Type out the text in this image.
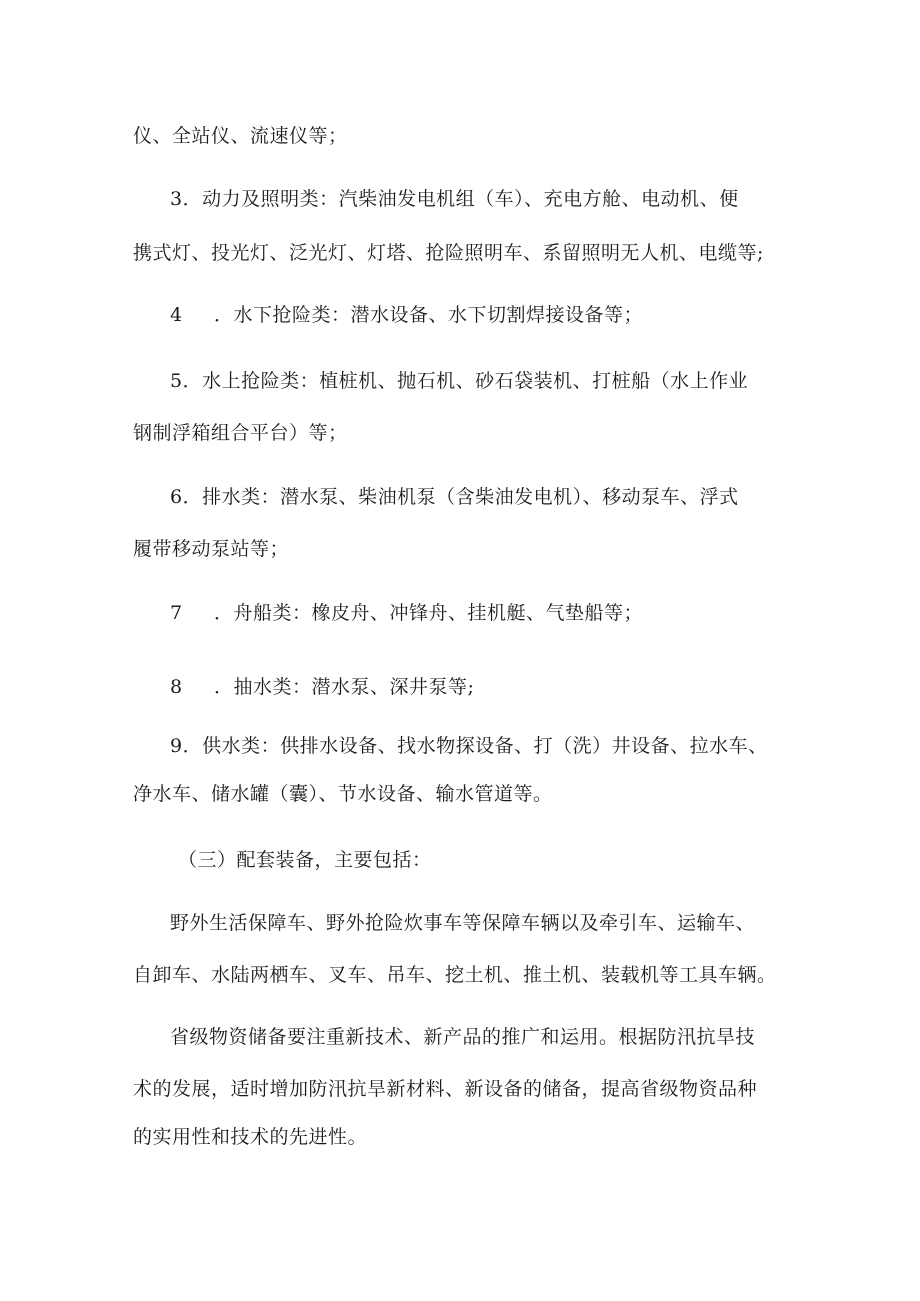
仪、全站仪、流速仪等；
3．动力及照明类：汽柴油发电机组（车）、充电方舱、电动机、便
携式灯、投光灯、泛光灯、灯塔、抢险照明车、系留照明无人机、电缆等;
4 ．水下抢险类：潜水设备、水下切割焊接设备等；
5．水上抢险类：植桩机、抛石机、砂石袋装机、打桩船（水上作业
钢制浮箱组合平台）等；
6．排水类：潜水泵、柴油机泵（含柴油发电机）、移动泵车、浮式
履带移动泵站等；
7 ．舟船类：橡皮舟、冲锋舟、挂机艇、气垫船等；
8 ．抽水类：潜水泵、深井泵等;
9．供水类：供排水设备、找水物探设备、打（洗）井设备、拉水车、
净水车、储水罐（囊）、节水设备、输水管道等。
（三）配套装备，主要包括：
野外生活保障车、野外抢险炊事车等保障车辆以及牵引车、运输车、
自卸车、水陆两栖车、叉车、吊车、挖土机、推土机、装载机等工具车辆。
省级物资储备要注重新技术、新产品的推广和运用。根据防汛抗旱技
术的发展，适时增加防汛抗旱新材料、新设备的储备，提高省级物资品种
的实用性和技术的先进性。
